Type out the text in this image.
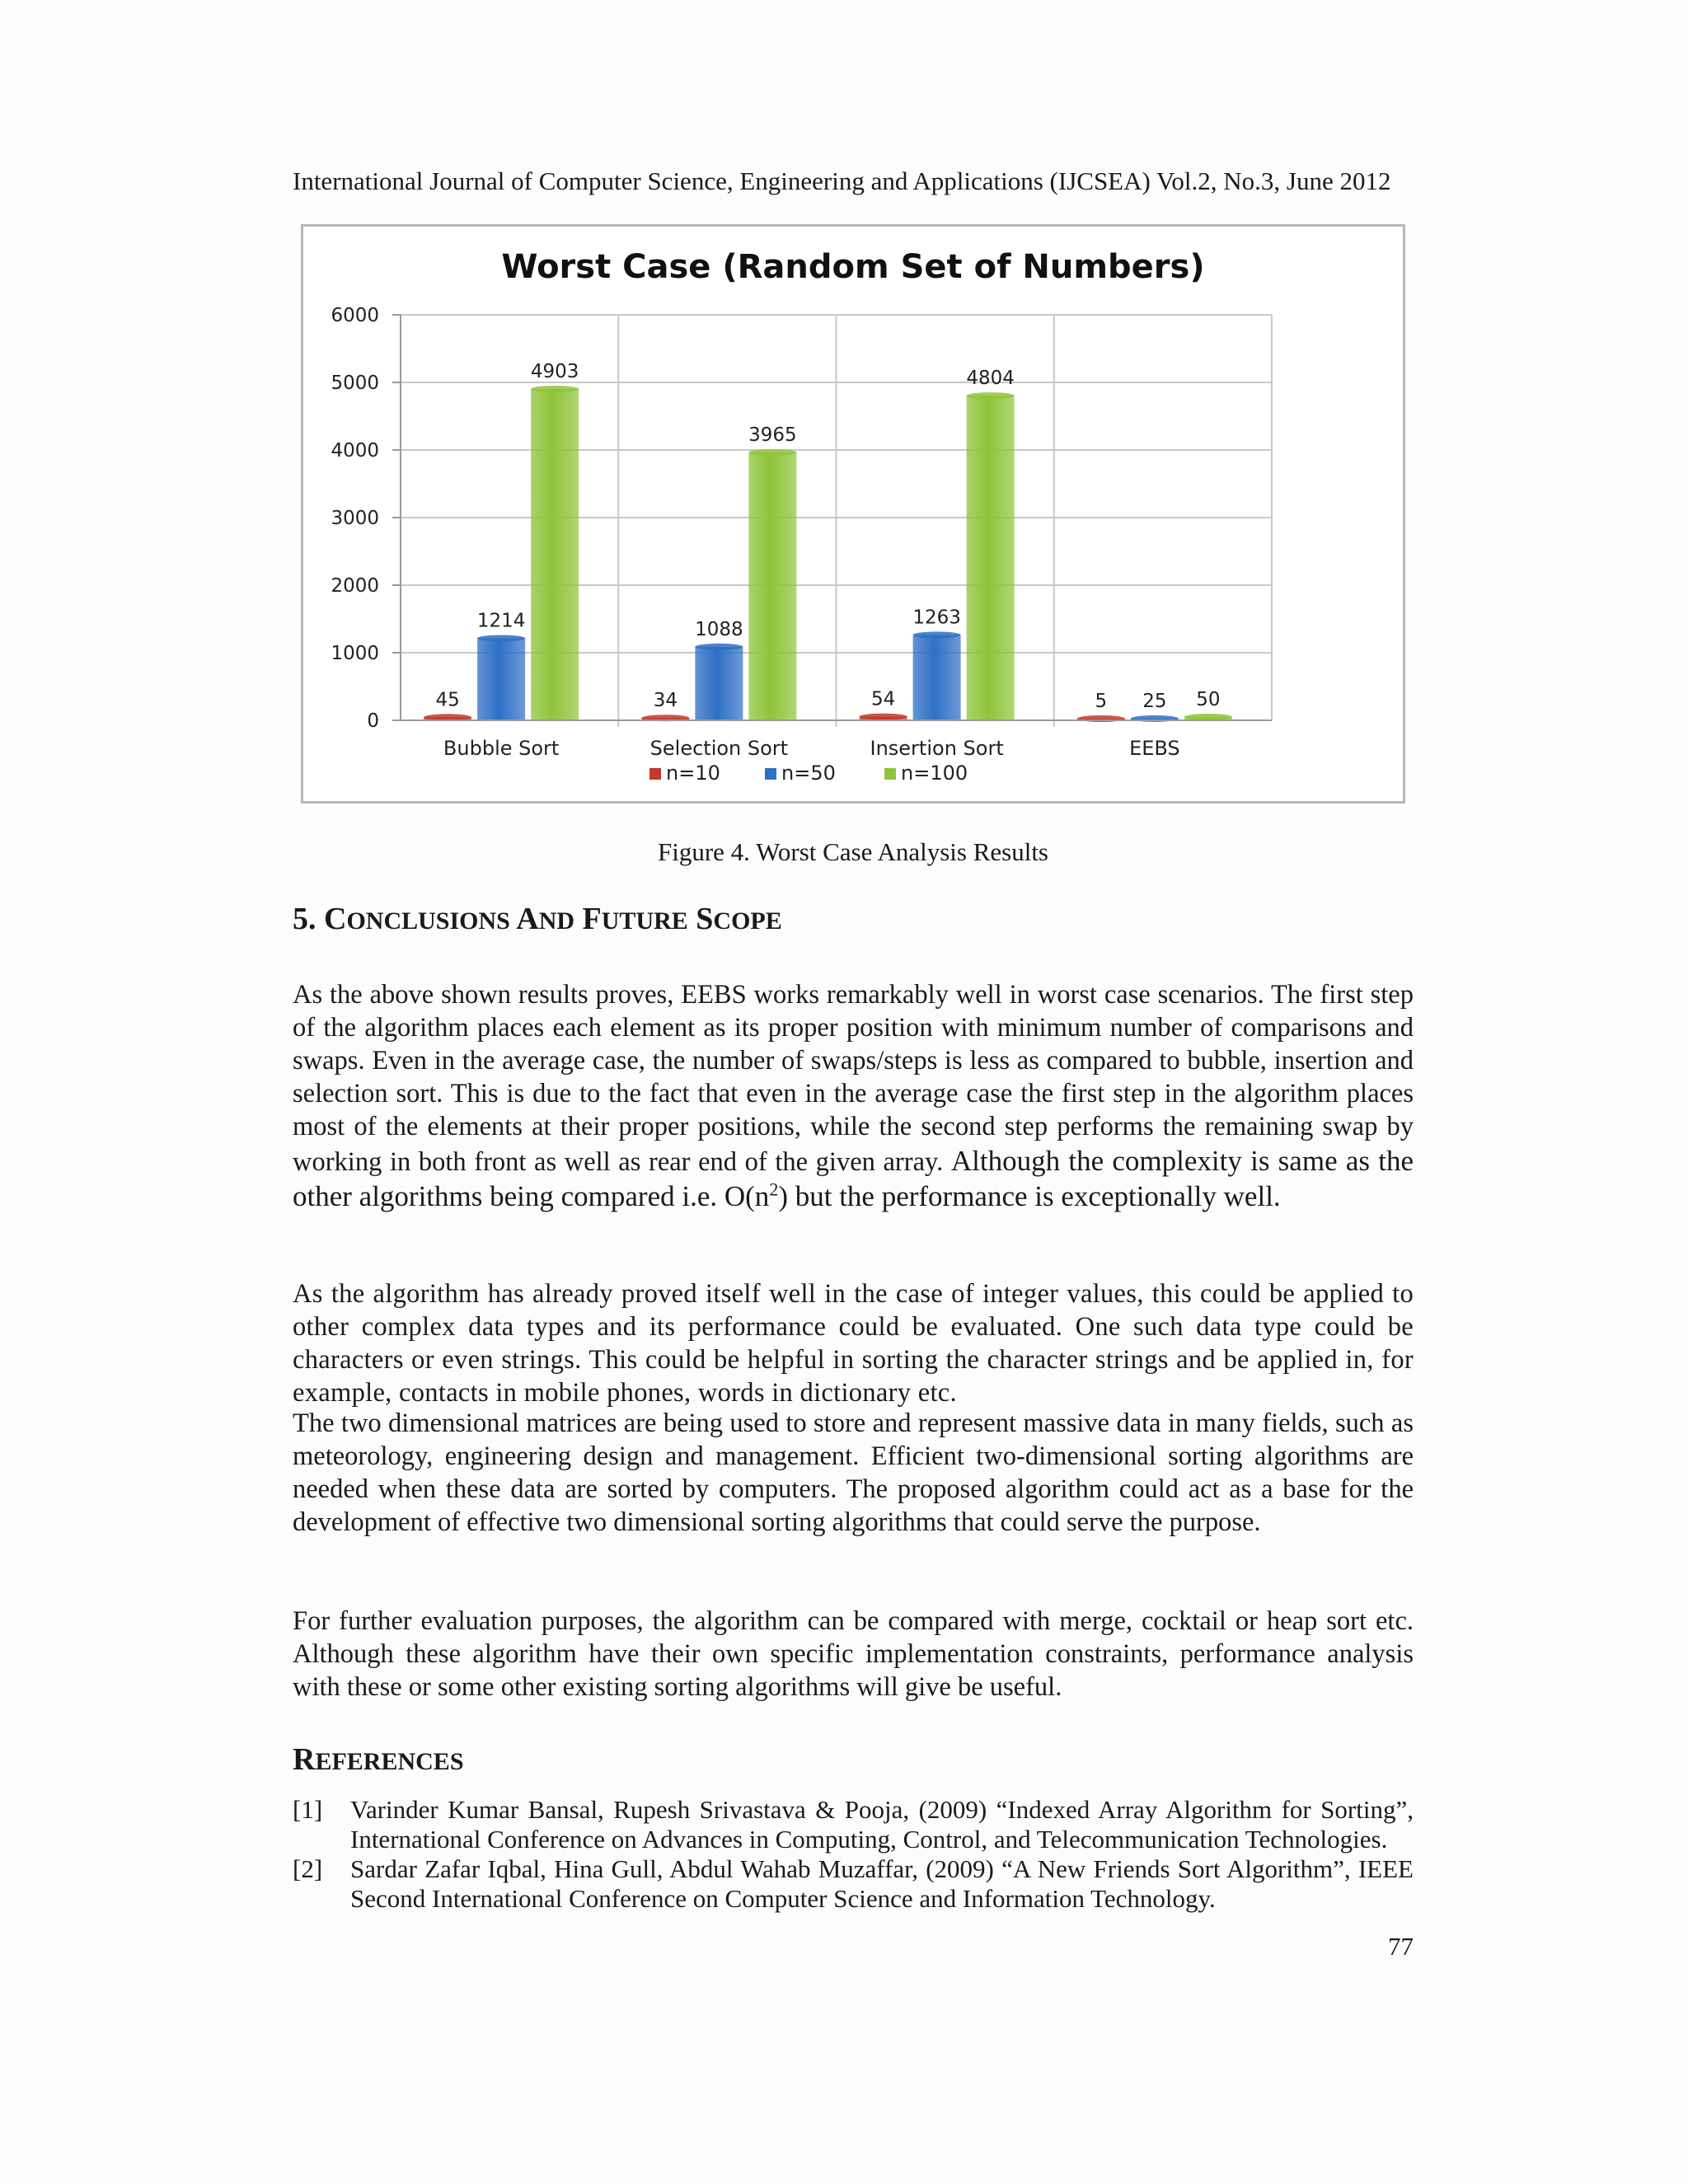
International Journal of Computer Science, Engineering and Applications (IJCSEA) Vol.2, No.3, June 2012
Worst Case (Random Set of Numbers)
0
1000
2000
3000
4000
5000
6000
45
1214
4903
Bubble Sort
34
1088
3965
Selection Sort
54
1263
4804
Insertion Sort
5 25 50
EEBS
n=10	n=50	n=100
Figure 4. Worst Case Analysis Results
5. CONCLUSIONS AND FUTURE SCOPE

As the above shown results proves, EEBS works remarkably well in worst case scenarios. The first step of the algorithm places each element as its proper position with minimum number of comparisons and swaps. Even in the average case, the number of swaps/steps is less as compared to bubble, insertion and selection sort. This is due to the fact that even in the average case the first step in the algorithm places most of the elements at their proper positions, while the second step performs the remaining swap by working in both front as well as rear end of the given array. Although the complexity is same as the other algorithms being compared i.e. $O(n^2)$ but the performance is exceptionally well.

As the algorithm has already proved itself well in the case of integer values, this could be applied to other complex data types and its performance could be evaluated. One such data type could be characters or even strings. This could be helpful in sorting the character strings and be applied in, for example, contacts in mobile phones, words in dictionary etc.

The two dimensional matrices are being used to store and represent massive data in many fields, such as meteorology, engineering design and management. Efficient two-dimensional sorting algorithms are needed when these data are sorted by computers. The proposed algorithm could act as a base for the development of effective two dimensional sorting algorithms that could serve the purpose.

For further evaluation purposes, the algorithm can be compared with merge, cocktail or heap sort etc. Although these algorithm have their own specific implementation constraints, performance analysis with these or some other existing sorting algorithms will give be useful.

REFERENCES
[1] Varinder Kumar Bansal, Rupesh Srivastava & Pooja, (2009) “Indexed Array Algorithm for Sorting”, International Conference on Advances in Computing, Control, and Telecommunication Technologies.
[2] Sardar Zafar Iqbal, Hina Gull, Abdul Wahab Muzaffar, (2009) “A New Friends Sort Algorithm”, IEEE Second International Conference on Computer Science and Information Technology.
77
